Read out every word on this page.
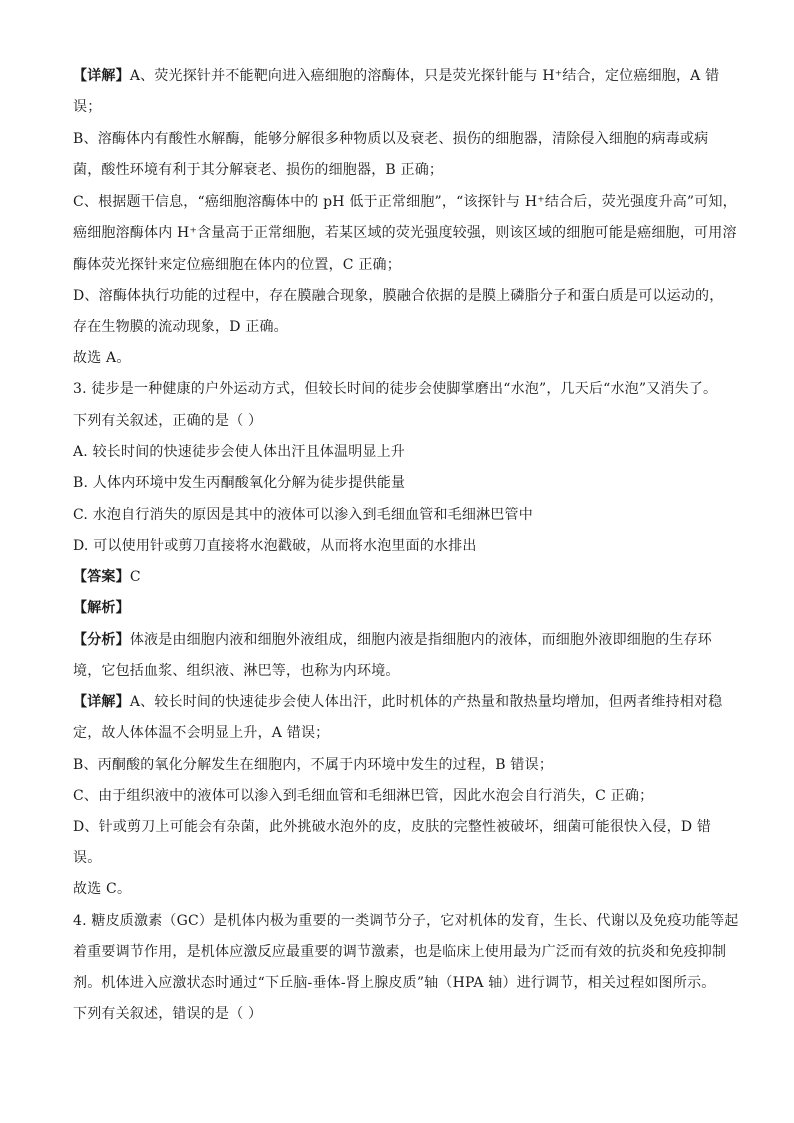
【详解】A、荧光探针并不能靶向进入癌细胞的溶酶体，只是荧光探针能与 H⁺结合，定位癌细胞，A 错
误；
B、溶酶体内有酸性水解酶，能够分解很多种物质以及衰老、损伤的细胞器，清除侵入细胞的病毒或病
菌，酸性环境有利于其分解衰老、损伤的细胞器，B 正确；
C、根据题干信息，“癌细胞溶酶体中的 pH 低于正常细胞”，“该探针与 H⁺结合后，荧光强度升高”可知，
癌细胞溶酶体内 H⁺含量高于正常细胞，若某区域的荧光强度较强，则该区域的细胞可能是癌细胞，可用溶
酶体荧光探针来定位癌细胞在体内的位置，C 正确；
D、溶酶体执行功能的过程中，存在膜融合现象，膜融合依据的是膜上磷脂分子和蛋白质是可以运动的，
存在生物膜的流动现象，D 正确。
故选 A。
3. 徒步是一种健康的户外运动方式，但较长时间的徒步会使脚掌磨出“水泡”，几天后“水泡”又消失了。
下列有关叙述，正确的是（ ）
A. 较长时间的快速徒步会使人体出汗且体温明显上升
B. 人体内环境中发生丙酮酸氧化分解为徒步提供能量
C. 水泡自行消失的原因是其中的液体可以渗入到毛细血管和毛细淋巴管中
D. 可以使用针或剪刀直接将水泡戳破，从而将水泡里面的水排出
【答案】C
【解析】
【分析】体液是由细胞内液和细胞外液组成，细胞内液是指细胞内的液体，而细胞外液即细胞的生存环
境，它包括血浆、组织液、淋巴等，也称为内环境。
【详解】A、较长时间的快速徒步会使人体出汗，此时机体的产热量和散热量均增加，但两者维持相对稳
定，故人体体温不会明显上升，A 错误；
B、丙酮酸的氧化分解发生在细胞内，不属于内环境中发生的过程，B 错误；
C、由于组织液中的液体可以渗入到毛细血管和毛细淋巴管，因此水泡会自行消失，C 正确；
D、针或剪刀上可能会有杂菌，此外挑破水泡外的皮，皮肤的完整性被破坏，细菌可能很快入侵，D 错
误。
故选 C。
4. 糖皮质激素（GC）是机体内极为重要的一类调节分子，它对机体的发育，生长、代谢以及免疫功能等起
着重要调节作用，是机体应激反应最重要的调节激素，也是临床上使用最为广泛而有效的抗炎和免疫抑制
剂。机体进入应激状态时通过“下丘脑-垂体-肾上腺皮质”轴（HPA 轴）进行调节，相关过程如图所示。
下列有关叙述，错误的是（ ）
